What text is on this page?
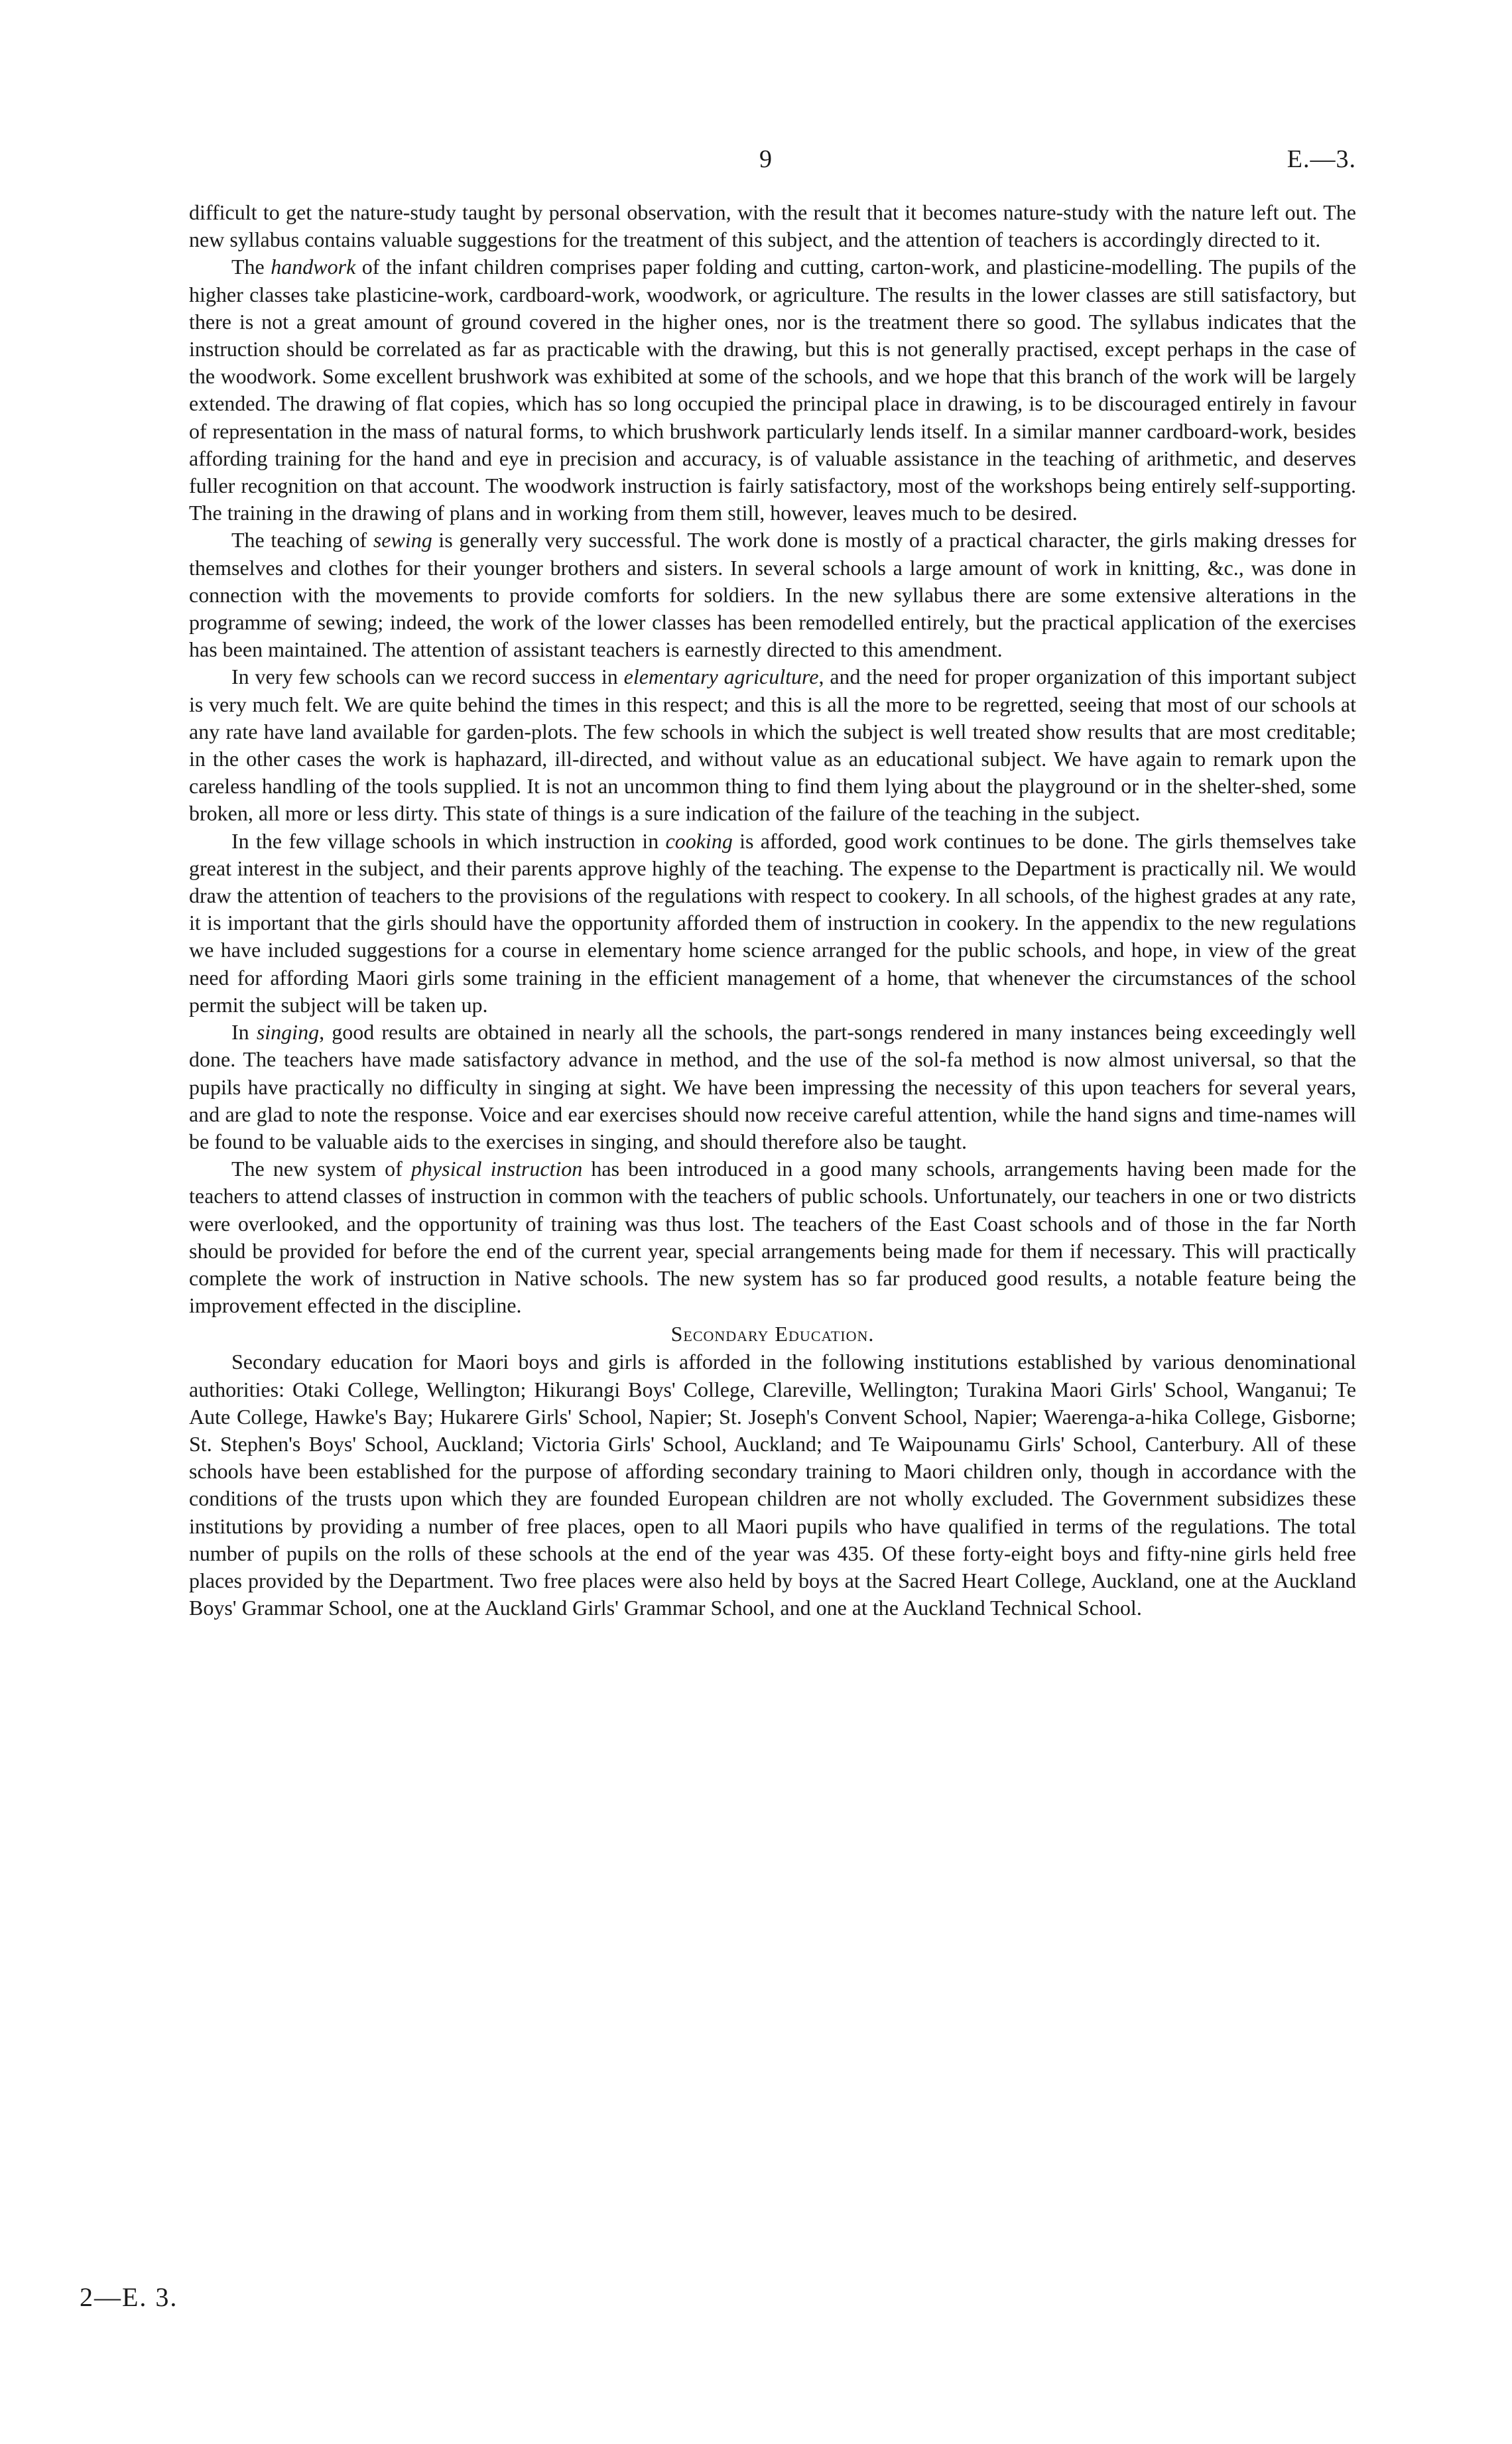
9	E.—3.

difficult to get the nature-study taught by personal observation, with the result that it becomes nature-study with the nature left out. The new syllabus contains valuable suggestions for the treatment of this subject, and the attention of teachers is accordingly directed to it.

The handwork of the infant children comprises paper folding and cutting, carton-work, and plasticine-modelling. The pupils of the higher classes take plasticine-work, cardboard-work, woodwork, or agriculture. The results in the lower classes are still satisfactory, but there is not a great amount of ground covered in the higher ones, nor is the treatment there so good. The syllabus indicates that the instruction should be correlated as far as practicable with the drawing, but this is not generally practised, except perhaps in the case of the woodwork. Some excellent brushwork was exhibited at some of the schools, and we hope that this branch of the work will be largely extended. The drawing of flat copies, which has so long occupied the principal place in drawing, is to be discouraged entirely in favour of representation in the mass of natural forms, to which brushwork particularly lends itself. In a similar manner cardboard-work, besides affording training for the hand and eye in precision and accuracy, is of valuable assistance in the teaching of arithmetic, and deserves fuller recognition on that account. The woodwork instruction is fairly satisfactory, most of the workshops being entirely self-supporting. The training in the drawing of plans and in working from them still, however, leaves much to be desired.

The teaching of sewing is generally very successful. The work done is mostly of a practical character, the girls making dresses for themselves and clothes for their younger brothers and sisters. In several schools a large amount of work in knitting, &c., was done in connection with the movements to provide comforts for soldiers. In the new syllabus there are some extensive alterations in the programme of sewing; indeed, the work of the lower classes has been remodelled entirely, but the practical application of the exercises has been maintained. The attention of assistant teachers is earnestly directed to this amendment.

In very few schools can we record success in elementary agriculture, and the need for proper organization of this important subject is very much felt. We are quite behind the times in this respect; and this is all the more to be regretted, seeing that most of our schools at any rate have land available for garden-plots. The few schools in which the subject is well treated show results that are most creditable; in the other cases the work is haphazard, ill-directed, and without value as an educational subject. We have again to remark upon the careless handling of the tools supplied. It is not an uncommon thing to find them lying about the playground or in the shelter-shed, some broken, all more or less dirty. This state of things is a sure indication of the failure of the teaching in the subject.

In the few village schools in which instruction in cooking is afforded, good work continues to be done. The girls themselves take great interest in the subject, and their parents approve highly of the teaching. The expense to the Department is practically nil. We would draw the attention of teachers to the provisions of the regulations with respect to cookery. In all schools, of the highest grades at any rate, it is important that the girls should have the opportunity afforded them of instruction in cookery. In the appendix to the new regulations we have included suggestions for a course in elementary home science arranged for the public schools, and hope, in view of the great need for affording Maori girls some training in the efficient management of a home, that whenever the circumstances of the school permit the subject will be taken up.

In singing, good results are obtained in nearly all the schools, the part-songs rendered in many instances being exceedingly well done. The teachers have made satisfactory advance in method, and the use of the sol-fa method is now almost universal, so that the pupils have practically no difficulty in singing at sight. We have been impressing the necessity of this upon teachers for several years, and are glad to note the response. Voice and ear exercises should now receive careful attention, while the hand signs and time-names will be found to be valuable aids to the exercises in singing, and should therefore also be taught.

The new system of physical instruction has been introduced in a good many schools, arrangements having been made for the teachers to attend classes of instruction in common with the teachers of public schools. Unfortunately, our teachers in one or two districts were overlooked, and the opportunity of training was thus lost. The teachers of the East Coast schools and of those in the far North should be provided for before the end of the current year, special arrangements being made for them if necessary. This will practically complete the work of instruction in Native schools. The new system has so far produced good results, a notable feature being the improvement effected in the discipline.

Secondary Education.

Secondary education for Maori boys and girls is afforded in the following institutions established by various denominational authorities: Otaki College, Wellington; Hikurangi Boys' College, Clareville, Wellington; Turakina Maori Girls' School, Wanganui; Te Aute College, Hawke's Bay; Hukarere Girls' School, Napier; St. Joseph's Convent School, Napier; Waerenga-a-hika College, Gisborne; St. Stephen's Boys' School, Auckland; Victoria Girls' School, Auckland; and Te Waipounamu Girls' School, Canterbury. All of these schools have been established for the purpose of affording secondary training to Maori children only, though in accordance with the conditions of the trusts upon which they are founded European children are not wholly excluded. The Government subsidizes these institutions by providing a number of free places, open to all Maori pupils who have qualified in terms of the regulations. The total number of pupils on the rolls of these schools at the end of the year was 435. Of these forty-eight boys and fifty-nine girls held free places provided by the Department. Two free places were also held by boys at the Sacred Heart College, Auckland, one at the Auckland Boys' Grammar School, one at the Auckland Girls' Grammar School, and one at the Auckland Technical School.

2—E. 3.
